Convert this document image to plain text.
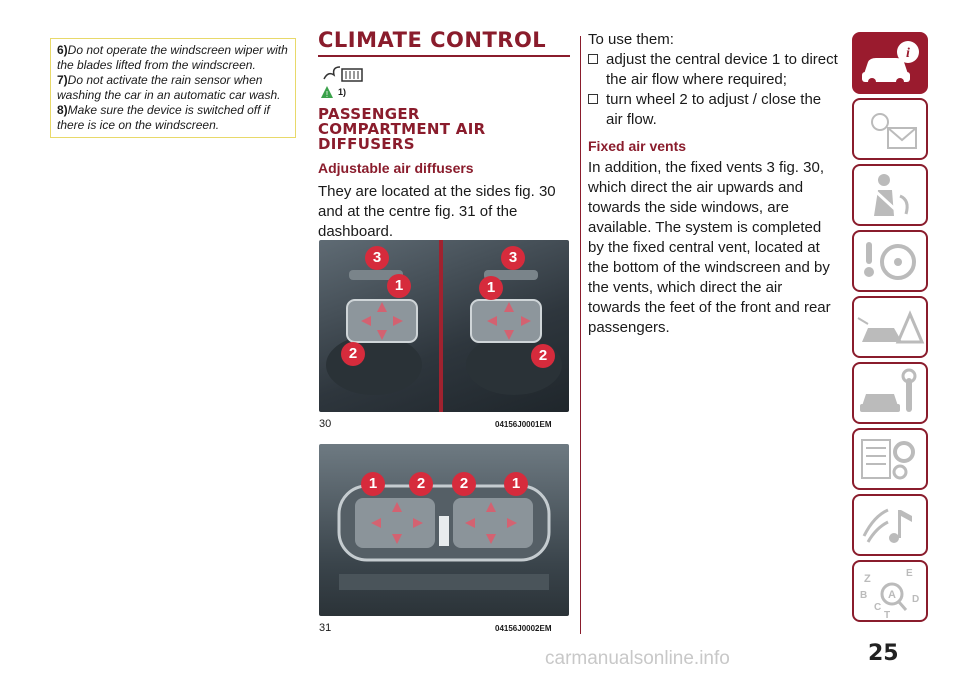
6)Do not operate the windscreen wiper with the blades lifted from the windscreen.

7)Do not activate the rain sensor when washing the car in an automatic car wash.

8)Make sure the device is switched off if there is ice on the windscreen.

CLIMATE CONTROL
! 1)
PASSENGER
COMPARTMENT AIR
DIFFUSERS

Adjustable air diffusers

They are located at the sides fig. 30 and at the centre fig. 31 of the dashboard.

3
1
2
3
1
2
30	04156J0001EM
1	2	2	1
31	04156J0002EM

To use them:

adjust the central device 1 to direct the air flow where required;

turn wheel 2 to adjust / close the air flow.

Fixed air vents

In addition, the fixed vents 3 fig. 30, which direct the air upwards and towards the side windows, are available. The system is completed by the fixed central vent, located at the bottom of the windscreen and by the vents, which direct the air towards the feet of the front and rear passengers.

i
Z	E
B A
C
D
T
25
carmanualsonline.info
